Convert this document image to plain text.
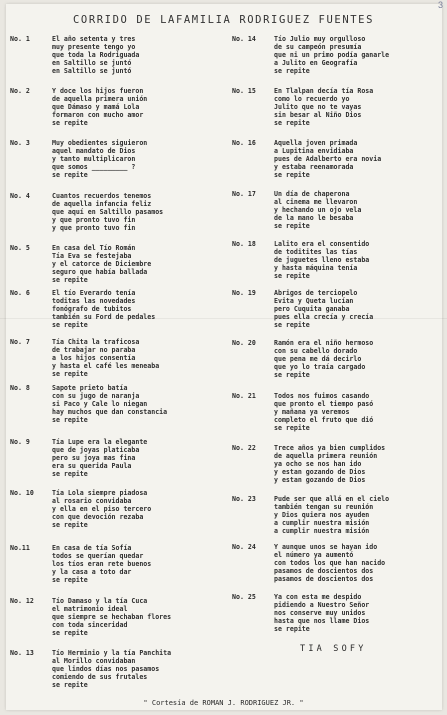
3
CORRIDO DE LAFAMILIA RODRIGUEZ FUENTES
No. 1	El año setenta y tres
muy presente tengo yo
que toda la Rodriguada
en Saltillo se juntó
en Saltillo se juntó
No. 2	Y doce los hijos fueron
de aquella primera unión
que Dámaso y mamá Lola
formaron con mucho amor
se repite
No. 3	Muy obedientes siguieron
aquel mandato de Dios
y tanto multiplicaron
que somos _________ ?
se repite
No. 4	Cuantos recuerdos tenemos
de aquella infancia feliz
que aquí en Saltillo pasamos
y que pronto tuvo fin
y que pronto tuvo fin
No. 5	En casa del Tío Román
Tía Eva se festejaba
y el catorce de Diciembre
seguro que había ballada
se repite
No. 6	El tío Everardo tenía
toditas las novedades
fonógrafo de tubitos
también su Ford de pedales
se repite
No. 7	Tía Chita la traficosa
de trabajar no paraba
a los hijos consentía
y hasta el café les meneaba
se repite
No. 8	Sapote prieto batía
con su jugo de naranja
si Paco y Cale lo niegan
hay muchos que dan constancia
se repite
No. 9	Tía Lupe era la elegante
que de joyas platicaba
pero su joya mas fina
era su querida Paula
se repite
No. 10	Tía Lola siempre piadosa
al rosario convidaba
y ella en el piso tercero
con que devoción rezaba
se repite
No.11	En casa de tía Sofía
todos se querían quedar
los tíos eran rete buenos
y la casa a toto dar
se repite
No. 12	Tío Damaso y la tía Cuca
el matrimonio ideal
que siempre se hechaban flores
con toda sinceridad
se repite
No. 13	Tío Herminio y la tía Panchita
al Morillo convidaban
que lindos días nos pasamos
comiendo de sus frutales
se repite
No. 14	Tío Julio muy orgulloso
de su campeón presumía
que ni un primo podía ganarle
a Julito en Geografía
se repite
No. 15	En Tlalpan decía tía Rosa
como lo recuerdo yo
Julito que no te vayas
sin besar al Niño Dios
se repite
No. 16	Aquella joven primada
a Lupitina envidiaba
pues de Adalberto era novia
y estaba reenamorada
se repite
No. 17	Un día de chaperona
al cinema me llevaron
y hechando un ojo vela
de la mano le besaba
se repite
No. 18	Lalito era el consentido
de toditites las tías
de juguetes lleno estaba
y hasta máquina tenía
se repite
No. 19	Abrigos de terciopelo
Evita y Queta lucían
pero Cuquita ganaba
pues ella crecía y crecía
se repite
No. 20	Ramón era el niño hermoso
con su cabello dorado
que pena me dá decirlo
que yo lo traía cargado
se repite
No. 21	Todos nos fuimos casando
que pronto el tiempo pasó
y mañana ya veremos
completo el fruto que dió
se repite
No. 22	Trece años ya bien cumplidos
de aquella primera reunión
ya ocho se nos han ido
y estan gozando de Dios
y estan gozando de Dios
No. 23	Pude ser que allá en el cielo
también tengan su reunión
y Dios quiera nos ayuden
a cumplir nuestra misión
a cumplir nuestra misión
No. 24	Y aunque unos se hayan ido
el número ya aumentó
con todos los que han nacido
pasamos de doscientos dos
pasamos de doscientos dos
No. 25	Ya con esta me despido
pidiendo a Nuestro Señor
nos conserve muy unidos
hasta que nos llame Dios
se repite
TIA SOFY
" Cortesía de ROMAN J. RODRIGUEZ JR. "
